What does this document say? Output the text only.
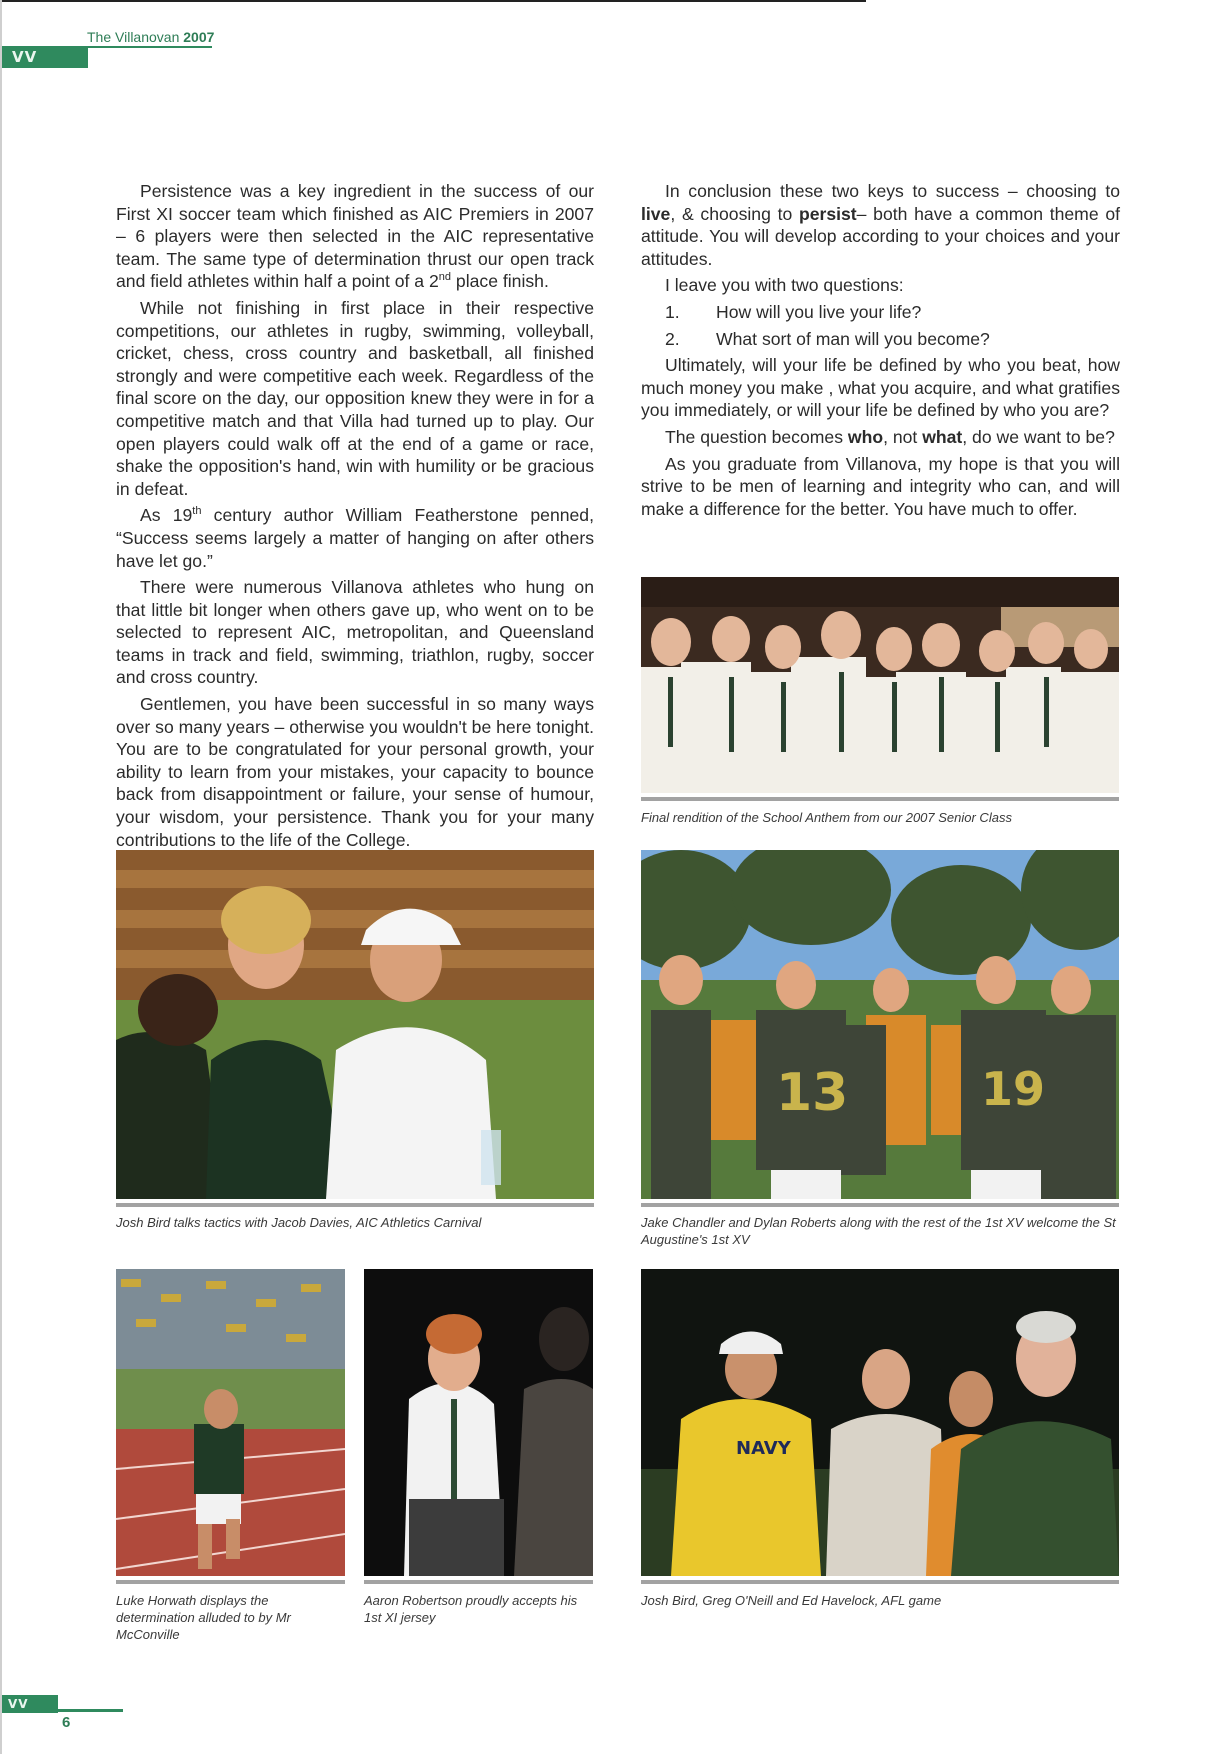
VV
The Villanovan 2007

Persistence was a key ingredient in the success of our First XI soccer team which finished as AIC Premiers in 2007 – 6 players were then selected in the AIC representative team. The same type of determination thrust our open track and field athletes within half a point of a 2nd place finish.

While not finishing in first place in their respective competitions, our athletes in rugby, swimming, volleyball, cricket, chess, cross country and basketball, all finished strongly and were competitive each week. Regardless of the final score on the day, our opposition knew they were in for a competitive match and that Villa had turned up to play. Our open players could walk off at the end of a game or race, shake the opposition's hand, win with humility or be gracious in defeat.

As 19th century author William Featherstone penned, “Success seems largely a matter of hanging on after others have let go.”

There were numerous Villanova athletes who hung on that little bit longer when others gave up, who went on to be selected to represent AIC, metropolitan, and Queensland teams in track and field, swimming, triathlon, rugby, soccer and cross country.

Gentlemen, you have been successful in so many ways over so many years – otherwise you wouldn't be here tonight. You are to be congratulated for your personal growth, your ability to learn from your mistakes, your capacity to bounce back from disappointment or failure, your sense of humour, your wisdom, your persistence. Thank you for your many contributions to the life of the College.

In conclusion these two keys to success – choosing to live, & choosing to persist– both have a common theme of attitude. You will develop according to your choices and your attitudes.

I leave you with two questions:

1.	How will you live your life?
2.	What sort of man will you become?

Ultimately, will your life be defined by who you beat, how much money you make , what you acquire, and what gratifies you immediately, or will your life be defined by who you are?

The question becomes who, not what, do we want to be?

As you graduate from Villanova, my hope is that you will strive to be men of learning and integrity who can, and will make a difference for the better. You have much to offer.

Final rendition of the School Anthem from our 2007 Senior Class
Josh Bird talks tactics with Jacob Davies, AIC Athletics Carnival
13	19
Jake Chandler and Dylan Roberts along with the rest of the 1st XV welcome the St Augustine's 1st XV
Luke Horwath displays the determination alluded to by Mr McConville
Aaron Robertson proudly accepts his 1st XI jersey
NAVY
Josh Bird, Greg O'Neill and Ed Havelock, AFL game
VV
6
